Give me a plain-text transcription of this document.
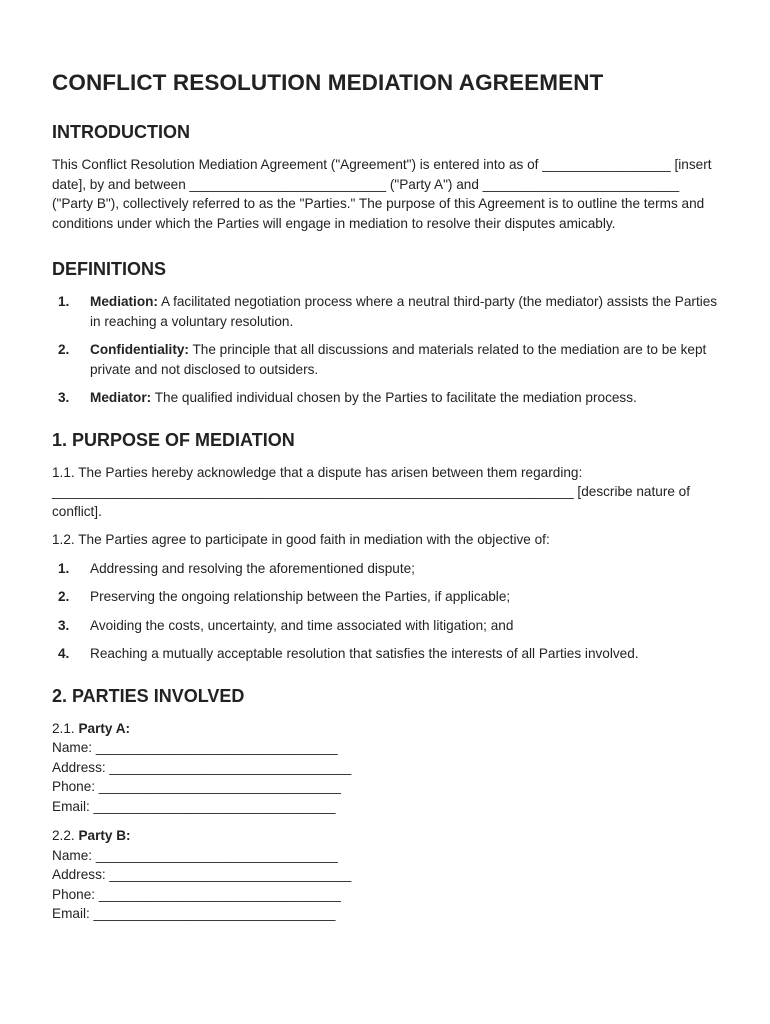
CONFLICT RESOLUTION MEDIATION AGREEMENT
INTRODUCTION

This Conflict Resolution Mediation Agreement ("Agreement") is entered into as of _________________ [insert date], by and between __________________________ ("Party A") and __________________________ ("Party B"), collectively referred to as the "Parties." The purpose of this Agreement is to outline the terms and conditions under which the Parties will engage in mediation to resolve their disputes amicably.

DEFINITIONS
1.	Mediation: A facilitated negotiation process where a neutral third-party (the mediator) assists the Parties in reaching a voluntary resolution.
2.	Confidentiality: The principle that all discussions and materials related to the mediation are to be kept private and not disclosed to outsiders.
3.	Mediator: The qualified individual chosen by the Parties to facilitate the mediation process.
1. PURPOSE OF MEDIATION

1.1. The Parties hereby acknowledge that a dispute has arisen between them regarding: _____________________________________________________________________ [describe nature of conflict].

1.2. The Parties agree to participate in good faith in mediation with the objective of:

1.	Addressing and resolving the aforementioned dispute;
2.	Preserving the ongoing relationship between the Parties, if applicable;
3.	Avoiding the costs, uncertainty, and time associated with litigation; and
4.	Reaching a mutually acceptable resolution that satisfies the interests of all Parties involved.
2. PARTIES INVOLVED
2.1. Party A:
Name: ________________________________
Address: ________________________________
Phone: ________________________________
Email: ________________________________
2.2. Party B:
Name: ________________________________
Address: ________________________________
Phone: ________________________________
Email: ________________________________
